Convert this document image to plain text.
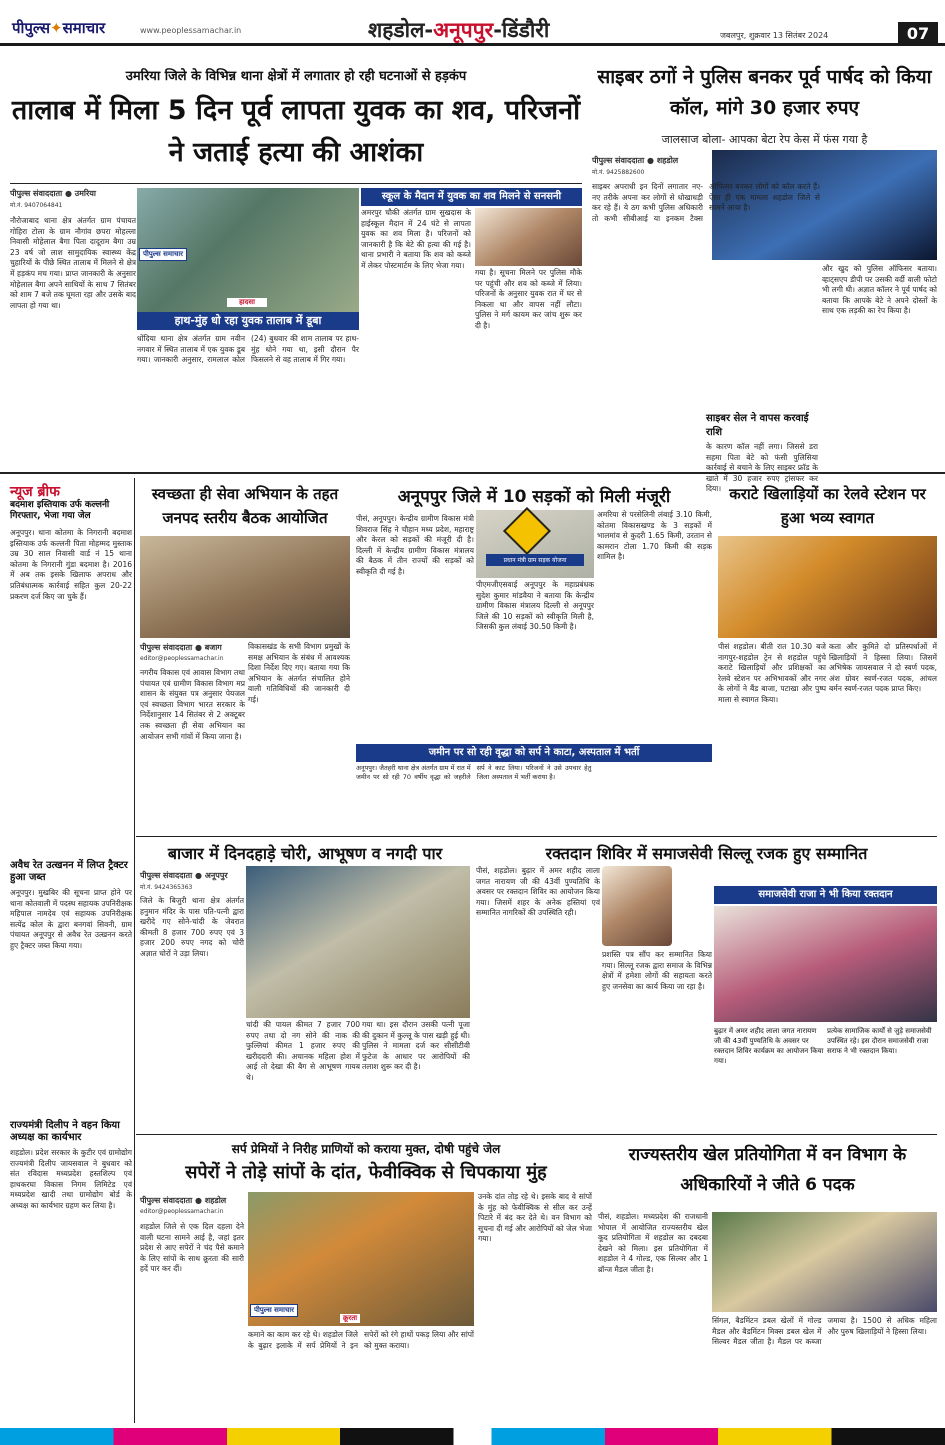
पीपुल्स✦समाचार	www.peoplessamachar.in	शहडोल-अनूपपुर-डिंडौरी	जबलपुर, शुक्रवार 13 सितंबर 2024	07
उमरिया जिले के विभिन्न थाना क्षेत्रों में लगातार हो रही घटनाओं से हड़कंप
तालाब में मिला 5 दिन पूर्व लापता युवक का शव, परिजनों ने जताई हत्या की आशंका
पीपुल्स संवाददाता ● उमरिया
मो.नं. 9407064841
पीपुल्स समाचार
हादसा
हाथ-मुंह धो रहा युवक तालाब में डूबा
स्कूल के मैदान में युवक का शव मिलने से सनसनी
नौरोजाबाद थाना क्षेत्र अंतर्गत ग्राम पंचायत गोहिरा टोला के ग्राम नौगांव छपरा मोहल्ला निवासी मोहेलाल बैगा पिता दादूराम बैगा उम्र 23 वर्ष जो लाश सामुदायिक स्वास्थ्य केंद्र चुहारियों के पीछे स्थित तालाब में मिलने से क्षेत्र में हड़कंप मच गया। प्राप्त जानकारी के अनुसार मोहेलाल बैगा अपने साथियों के साथ 7 सितंबर को शाम 7 बजे तक घूमता रहा और उसके बाद लापता हो गया था।
धोंदिया थाना क्षेत्र अंतर्गत ग्राम नवीन नगवार में स्थित तालाब में एक युवक डूब गया। जानकारी अनुसार, रामलाल कोल (24) बुधवार की शाम तालाब पर हाथ-मुंह धोने गया था, इसी दौरान पैर फिसलने से वह तालाब में गिर गया।
अमरपुर चौकी अंतर्गत ग्राम सुखदास के हाईस्कूल मैदान में 24 घंटे से लापता युवक का शव मिला है। परिजनों को जानकारी है कि बेटे की हत्या की गई है। थाना प्रभारी ने बताया कि शव को कब्जे में लेकर पोस्टमार्टम के लिए भेजा गया।
गया है। सूचना मिलने पर पुलिस मौके पर पहुंची और शव को कब्जे में लिया। परिजनों के अनुसार युवक रात में घर से निकला था और वापस नहीं लौटा। पुलिस ने मर्ग कायम कर जांच शुरू कर दी है।
साइबर ठगों ने पुलिस बनकर पूर्व पार्षद को किया कॉल, मांगे 30 हजार रुपए
जालसाज बोला- आपका बेटा रेप केस में फंस गया है
पीपुल्स संवाददाता ● शहडोल
मो.नं. 9425882600
साइबर अपराधी इन दिनों लगातार नए-नए तरीके अपना कर लोगों से धोखाधड़ी कर रहे हैं। ये ठग कभी पुलिस अधिकारी तो कभी सीबीआई या इनकम टैक्स ऑफिसर बनकर लोगों को कॉल करते हैं। ऐसा ही एक मामला शहडोल जिले से सामने आया है।
और खुद को पुलिस ऑफिसर बताया। व्हाट्सएप डीपी पर उसकी वर्दी वाली फोटो भी लगी थी। अज्ञात कॉलर ने पूर्व पार्षद को बताया कि आपके बेटे ने अपने दोस्तों के साथ एक लड़की का रेप किया है।
साइबर सेल ने वापस करवाई राशि
के कारण कॉल नहीं लगा। जिससे डरा सहमा पिता बेटे को फंसी पुलिसिया कार्रवाई से बचाने के लिए साइबर फ्रॉड के खाते में 30 हजार रुपए ट्रांसफर कर दिया।
न्यूज ब्रीफ
बदमाश इस्तियाक उर्फ कल्लनी गिरफ्तार, भेजा गया जेल
अनूपपुर। थाना कोतमा के निगरानी बदमाश इस्तियाक उर्फ कल्लनी पिता मोहम्मद मुस्ताक उम्र 30 साल निवासी वार्ड नं 15 थाना कोतमा के निगरानी गुंडा बदमाश है। 2016 में अब तक इसके खिलाफ अपराध और प्रतिबंधात्मक कार्रवाई सहित कुल 20-22 प्रकरण दर्ज किए जा चुके हैं।
अवैध रेत उत्खनन में लिप्त ट्रैक्टर हुआ जब्त
अनूपपुर। मुखबिर की सूचना प्राप्त होने पर थाना कोतवाली में पदस्थ सहायक उपनिरीक्षक महिपाल नामदेव एवं सहायक उपनिरीक्षक सत्येंद्र कोल के द्वारा बनगवां सिवनी, ग्राम पंचायत अनूपपुर से अवैध रेत उत्खनन करते हुए ट्रैक्टर जब्त किया गया।
राज्यमंत्री दिलीप ने वहन किया अध्यक्ष का कार्यभार
शहडोल। प्रदेश सरकार के कुटीर एवं ग्रामोद्योग राज्यमंत्री दिलीप जायसवाल ने बुधवार को संत रविदास मध्यप्रदेश हस्तशिल्प एवं हाथकरघा विकास निगम लिमिटेड एवं मध्यप्रदेश खादी तथा ग्रामोद्योग बोर्ड के अध्यक्ष का कार्यभार ग्रहण कर लिया है।
स्वच्छता ही सेवा अभियान के तहत जनपद स्तरीय बैठक आयोजित
पीपुल्स संवाददाता ● बजाग
editor@peoplessamachar.in
नगरीय विकास एवं आवास विभाग तथा पंचायत एवं ग्रामीण विकास विभाग मप्र शासन के संयुक्त पत्र अनुसार पेयजल एवं स्वच्छता विभाग भारत सरकार के निर्देशानुसार 14 सितंबर से 2 अक्टूबर तक स्वच्छता ही सेवा अभियान का आयोजन सभी गांवों में किया जाना है।
विकासखंड के सभी विभाग प्रमुखों के समक्ष अभियान के संबंध में आवश्यक दिशा निर्देश दिए गए। बताया गया कि अभियान के अंतर्गत संचालित होने वाली गतिविधियों की जानकारी दी गई।
अनूपपुर जिले में 10 सड़कों को मिली मंजूरी
पीसं, अनूपपुर। केन्द्रीय ग्रामीण विकास मंत्री शिवराज सिंह ने चौहान मध्य प्रदेश, महाराष्ट्र और केरल को सड़कों की मंजूरी दी है। दिल्ली में केन्द्रीय ग्रामीण विकास मंत्रालय की बैठक में तीन राज्यों की सड़कों को स्वीकृति दी गई है।
प्रधान मंत्री ग्राम सड़क योजना
पीएमजीएसवाई अनूपपुर के महाप्रबंधक सुदेश कुमार मांडवैया ने बताया कि केन्द्रीय ग्रामीण विकास मंत्रालय दिल्ली से अनूपपुर जिले की 10 सड़कों को स्वीकृति मिली है, जिसकी कुल लंबाई 30.50 किमी है।
अमरिया से परसेलिनी लंबाई 3.10 किमी, कोतमा विकासखण्ड के 3 सड़कों में भालमांव से कुदरी 1.65 किमी, उरतान से कामरान टोला 1.70 किमी की सड़क शामिल है।
जमीन पर सो रही वृद्धा को सर्प ने काटा, अस्पताल में भर्ती
अनूपपुर। जैतहरी थाना क्षेत्र अंतर्गत ग्राम में रात में जमीन पर सो रही 70 वर्षीय वृद्धा को जहरीले सर्प ने काट लिया। परिजनों ने उसे उपचार हेतु जिला अस्पताल में भर्ती कराया है।
कराटे खिलाड़ियों का रेलवे स्टेशन पर हुआ भव्य स्वागत
पीसं शहडोल। बीती रात 10.30 बजे नागपुर-शहडोल ट्रेन से शहडोल पहुंचे कराटे खिलाड़ियों और प्रशिक्षकों का रेलवे स्टेशन पर अभिभावकों और नगर के लोगों ने बैंड बाजा, पटाखा और पुष्प माला से स्वागत किया।
कता और कुमिते दो प्रतिस्पर्धाओं में खिलाड़ियों ने हिस्सा लिया। जिसमें अभिषेक जायसवाल ने दो स्वर्ण पदक, अंश ग्रोवर स्वर्ण-रजत पदक, आंचल बर्मन स्वर्ण-रजत पदक प्राप्त किए।
बाजार में दिनदहाड़े चोरी, आभूषण व नगदी पार
पीपुल्स संवाददाता ● अनूपपुर
मो.नं. 9424365363
जिले के बिजुरी थाना क्षेत्र अंतर्गत हनुमान मंदिर के पास पति-पत्नी द्वारा खरीदे गए सोने-चांदी के जेवरात कीमती 8 हजार 700 रुपए एवं 3 हजार 200 रुपए नगद को चोरी अज्ञात चोरों ने उड़ा लिया।
चांदी की पायल कीमत 7 हजार 700 रुपए तथा दो नग सोने की नाक की फुल्लियां कीमत 1 हजार रुपए की खरीददारी की। अचानक महिला होश में आई तो देखा की बैग से आभूषण गायब थे।
गया था। इस दौरान उसकी पत्नी पूजा की दुकान में कुल्लू के पास खड़ी हुई थी। पुलिस ने मामला दर्ज कर सीसीटीवी फुटेज के आधार पर आरोपियों की तलाश शुरू कर दी है।
रक्तदान शिविर में समाजसेवी सिल्लू रजक हुए सम्मानित
पीसं, शहडोल। बुढ़ार में अमर शहीद लाला जगत नारायण जी की 43वीं पुण्यतिथि के अवसर पर रक्तदान शिविर का आयोजन किया गया। जिसमें शहर के अनेक हस्तियां एवं सम्मानित नागरिकों की उपस्थिति रही।
प्रशस्ति पत्र सौंप कर सम्मानित किया गया। सिल्लू रजक द्वारा समाज के विभिन्न क्षेत्रों में हमेशा लोगों की सहायता करते हुए जनसेवा का कार्य किया जा रहा है।
समाजसेवी राजा ने भी किया रक्तदान
बुढ़ार में अमर शहीद लाला जगत नारायण जी की 43वीं पुण्यतिथि के अवसर पर रक्तदान शिविर कार्यक्रम का आयोजन किया गया।
प्रत्येक सामाजिक कार्यों से जुड़े समाजसेवी उपस्थित रहे। इस दौरान समाजसेवी राजा सराफ ने भी रक्तदान किया।
सर्प प्रेमियों ने निरीह प्राणियों को कराया मुक्त, दोषी पहुंचे जेल
सपेरों ने तोड़े सांपों के दांत, फेवीक्विक से चिपकाया मुंह
पीपुल्स संवाददाता ● शहडोल
editor@peoplessamachar.in
शहडोल जिले से एक दिल दहला देने वाली घटना सामने आई है, जहां इतर प्रदेश से आए सपेरों ने चंद पैसे कमाने के लिए सांपों के साथ क्रूरता की सारी हदें पार कर दीं।
पीपुल्स समाचार
क्रूरता
कमाने का काम कर रहे थे। शहडोल जिले के बुढ़ार इलाके में सर्प प्रेमियों ने इन सपेरों को रंगे हाथों पकड़ लिया और सांपों को मुक्त कराया।
उनके दांत तोड़ रहे थे। इसके बाद वे सांपों के मुंह को फेवीक्विक से सील कर उन्हें पिटारे में बंद कर देते थे। वन विभाग को सूचना दी गई और आरोपियों को जेल भेजा गया।
राज्यस्तरीय खेल प्रतियोगिता में वन विभाग के अधिकारियों ने जीते 6 पदक
पीसं, शहडोल। मध्यप्रदेश की राजधानी भोपाल में आयोजित राज्यस्तरीय खेल कूद प्रतियोगिता में शहडोल का दबदबा देखने को मिला। इस प्रतियोगिता में शहडोल ने 4 गोल्ड, एक सिल्वर और 1 ब्रॉन्ज मैडल जीता है।
सिंगल, बैडमिंटन डबल खेलों में गोल्ड मैडल और बैडमिंटन मिक्स डबल खेल में सिल्वर मैडल जीता है। मैडल पर कब्जा जमाया है। 1500 से अधिक महिला और पुरुष खिलाड़ियों ने हिस्सा लिया।
